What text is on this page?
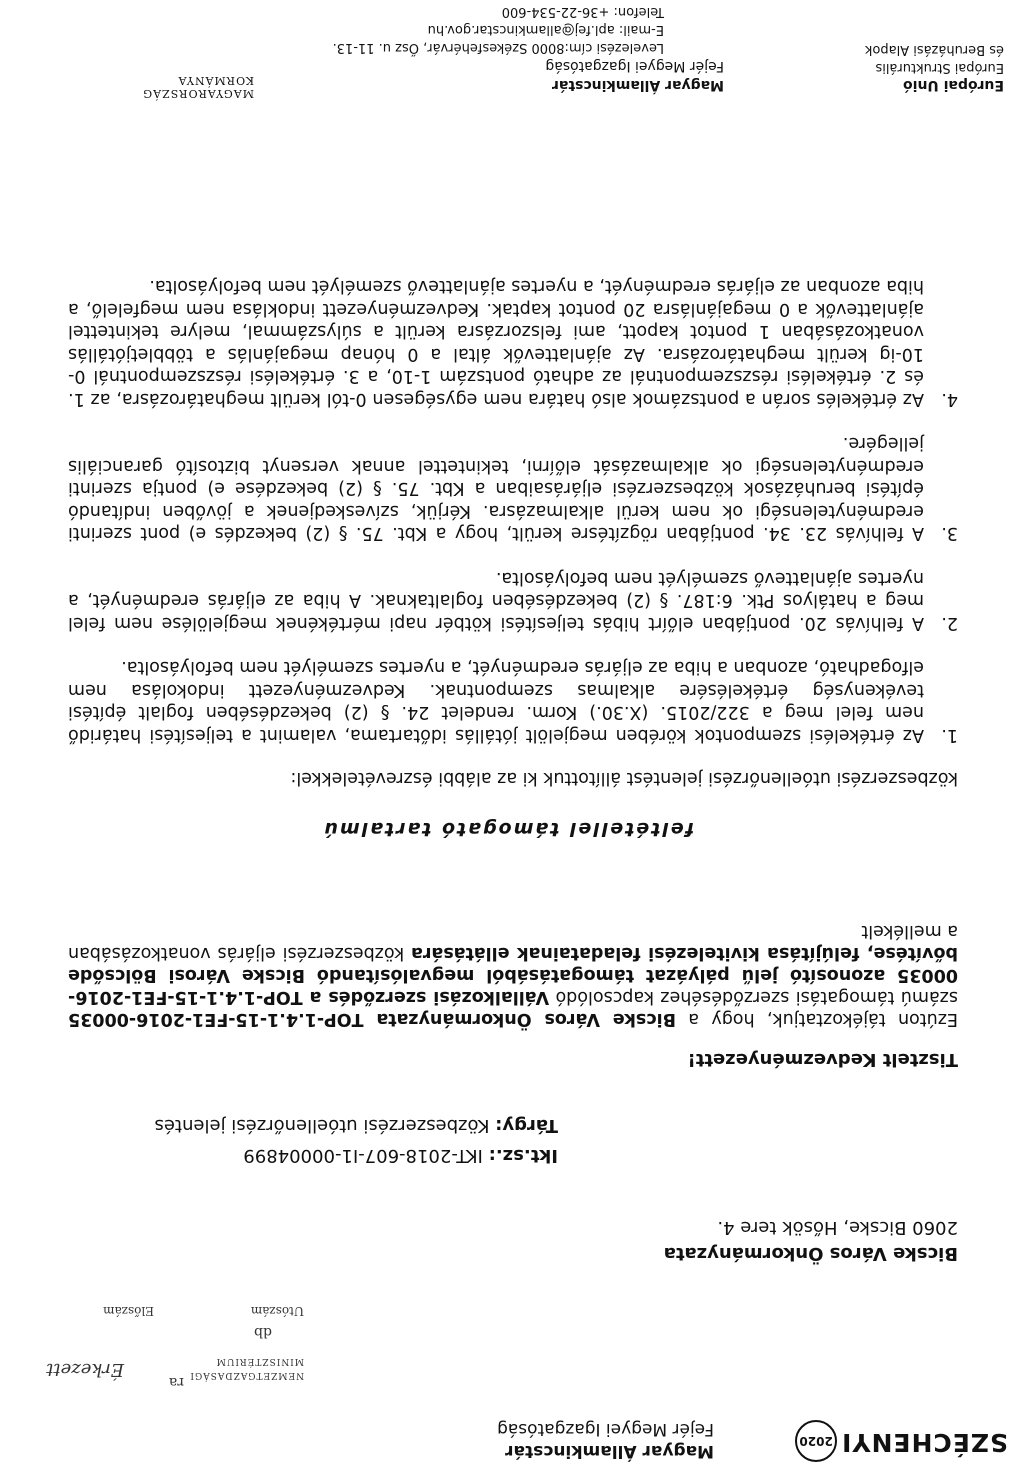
SZÉCHENYI2020
Magyar Államkincstár
Fejér Megyei Igazgatóság
NEMZETGAZDASÁGI
MINISZTÉRIUM
Érkezett
ra
db
Utószám
Előszám
Bicske Város Önkormányzata
2060 Bicske, Hősök tere 4.
Ikt.sz.: IKT-2018-607-I1-00004899
Tárgy: Közbeszerzési utóellenőrzési jelentés
Tisztelt Kedvezményezett!
Ezúton tájékoztatjuk, hogy a Bicske Város Önkormányzata TOP-1.4.1-15-FE1-2016-00035 számú támogatási szerződéséhez kapcsolódó Vállalkozási szerződés a TOP-1.4.1-15-FE1-2016-00035 azonosító jelű pályázat támogatásából megvalósítandó Bicske Városi Bölcsőde bővítése, felújítása kivitelezési feladatainak ellátására közbeszerzési eljárás vonatkozásában a mellékelt
feltétellel támogató tartalmú
közbeszerzési utóellenőrzési jelentést állítottuk ki az alábbi észrevételekkel:
1.
Az értékelési szempontok körében megjelölt jótállás időtartama, valamint a teljesítési határidő nem felel meg a 322/2015. (X.30.) Korm. rendelet 24. § (2) bekezdésében foglalt építési tevékenység értékelésére alkalmas szempontnak. Kedvezményezett indokolása nem elfogadható, azonban a hiba az eljárás eredményét, a nyertes személyét nem befolyásolta.
2.
A felhívás 20. pontjában előírt hibás teljesítési kötbér napi mértékének megjelölése nem felel meg a hatályos Ptk. 6:187. § (2) bekezdésében foglaltaknak. A hiba az eljárás eredményét, a nyertes ajánlattevő személyét nem befolyásolta.
3.
A felhívás 23. 34. pontjában rögzítésre került, hogy a Kbt. 75. § (2) bekezdés e) pont szerinti eredménytelenségi ok nem kerül alkalmazásra. Kérjük, szíveskedjenek a jövőben indítandó építési beruházások közbeszerzési eljárásaiban a Kbt. 75. § (2) bekezdése e) pontja szerinti eredménytelenségi ok alkalmazását előírni, tekintettel annak versenyt biztosító garanciális jellegére.
4.
Az értékelés során a pontszámok alsó határa nem egységesen 0-tól került meghatározásra, az 1. és 2. értékelési részszempontnál az adható pontszám 1-10, a 3. értékelési részszempontnál 0-10-ig került meghatározásra. Az ajánlattevők által a 0 hónap megajánlás a többletjótállás vonatkozásában 1 pontot kapott, ami felszorzásra került a súlyszámmal, melyre tekintettel ajánlattevők a 0 megajánlásra 20 pontot kaptak. Kedvezményezett indoklása nem megfelelő, a hiba azonban az eljárás eredményét, a nyertes ajánlattevő személyét nem befolyásolta.
MAGYARORSZÁG
KORMÁNYA	Európai Unió
Európai Strukturális
és Beruházási Alapok
Magyar Államkincstár
Fejér Megyei Igazgatóság
Levelezési cím:8000 Székesfehérvár, Ősz u. 11-13.
E-mail: apl.fej@allamkincstar.gov.hu
Telefon: +36-22-534-600
